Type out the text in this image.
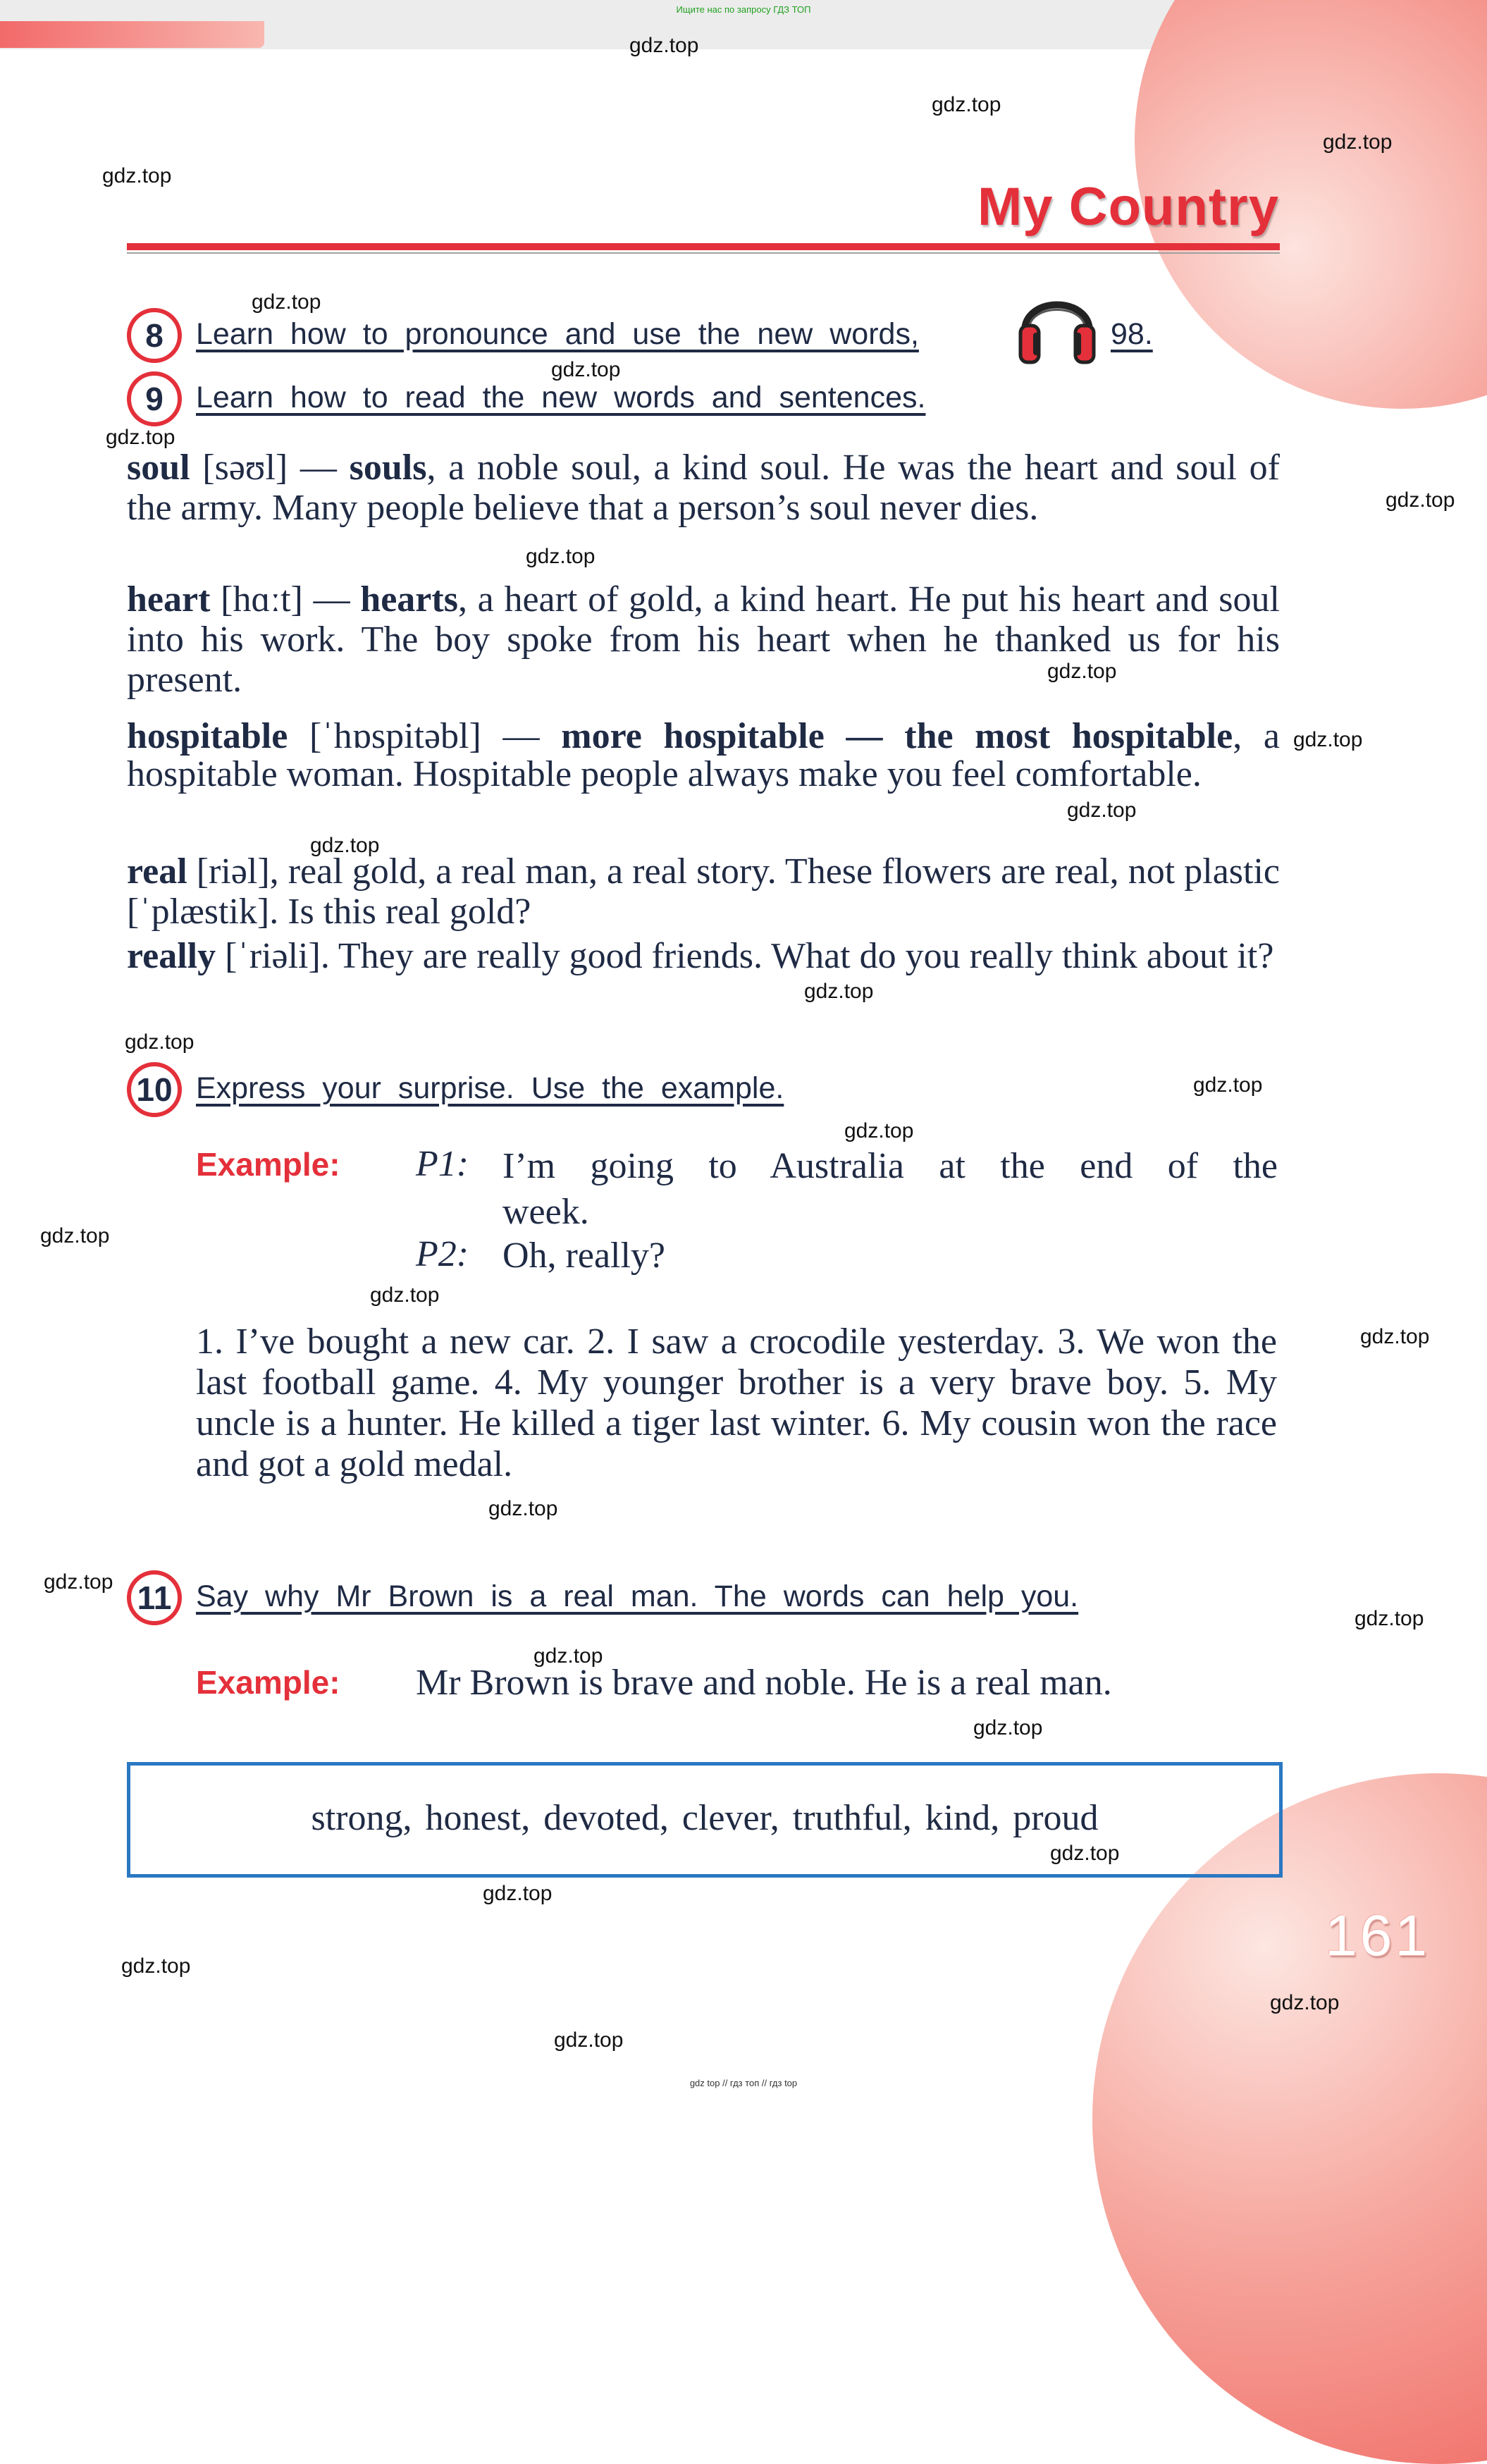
Ищите нас по запросу ГДЗ ТОП
My Country
8	Learn how to pronounce and use the new words,	98.
9	Learn how to read the new words and sentences.
soul [səʊl] — souls, a noble soul, a kind soul. He was the heart and soul of the army. Many people believe that a person’s soul never dies.
heart [hɑːt] — hearts, a heart of gold, a kind heart. He put his heart and soul into his work. The boy spoke from his heart when he thanked us for his present.
hospitable [ˈhɒspitəbl] — more hospitable — the most hospitable, a hospitable woman. Hospitable people always make you feel comfortable.
real [riəl], real gold, a real man, a real story. These flowers are real, not plastic [ˈplæstik]. Is this real gold?
really [ˈriəli]. They are really good friends. What do you really think about it?
10 Express your surprise. Use the example.
Example: P1: I’m going to Australia at the end of the
week.
P2: Oh, really?
1. I’ve bought a new car. 2. I saw a crocodile yesterday. 3. We won the last football game. 4. My younger brother is a very brave boy. 5. My uncle is a hunter. He killed a tiger last winter. 6. My cousin won the race and got a gold medal.
11 Say why Mr Brown is a real man. The words can help you.
Example: Mr Brown is brave and noble. He is a real man.
strong, honest, devoted, clever, truthful, kind, proud
161
gdz.top
gdz.top
gdz.top
gdz.top
gdz.top
gdz.top
gdz.top
gdz.top
gdz.top
gdz.top
gdz.top
gdz.top
gdz.top
gdz.top
gdz.top
gdz.top
gdz.top
gdz.top
gdz.top
gdz.top
gdz.top
gdz.top
gdz.top
gdz.top
gdz.top
gdz.top
gdz.top
gdz.top
gdz.top
gdz.top
gdz top // гдз топ // гдз top
